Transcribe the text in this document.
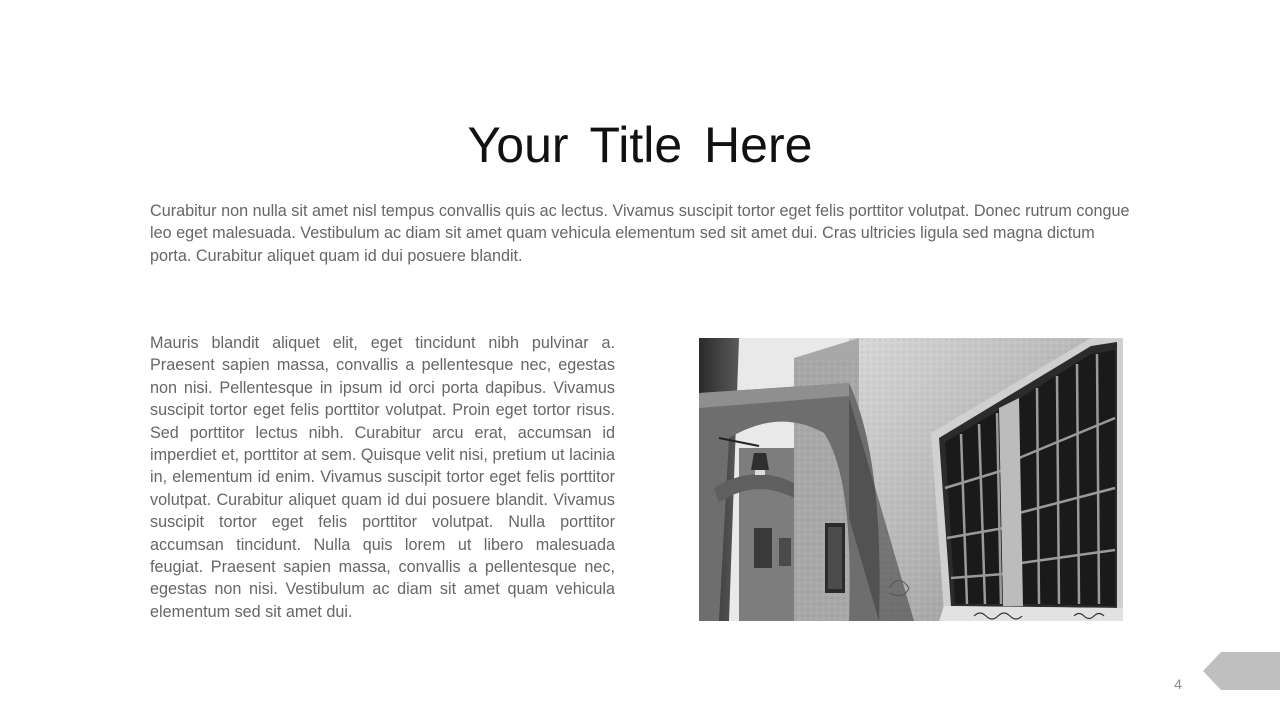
Your Title Here

Curabitur non nulla sit amet nisl tempus convallis quis ac lectus. Vivamus suscipit tortor eget felis porttitor volutpat. Donec rutrum congue leo eget malesuada. Vestibulum ac diam sit amet quam vehicula elementum sed sit amet dui. Cras ultricies ligula sed magna dictum porta. Curabitur aliquet quam id dui posuere blandit.

Mauris blandit aliquet elit, eget tincidunt nibh pulvinar a. Praesent sapien massa, convallis a pellentesque nec, egestas non nisi. Pellentesque in ipsum id orci porta dapibus. Vivamus suscipit tortor eget felis porttitor volutpat. Proin eget tortor risus. Sed porttitor lectus nibh. Curabitur arcu erat, accumsan id imperdiet et, porttitor at sem. Quisque velit nisi, pretium ut lacinia in, elementum id enim. Vivamus suscipit tortor eget felis porttitor volutpat. Curabitur aliquet quam id dui posuere blandit. Vivamus suscipit tortor eget felis porttitor volutpat. Nulla porttitor accumsan tincidunt. Nulla quis lorem ut libero malesuada feugiat. Praesent sapien massa, convallis a pellentesque nec, egestas non nisi. Vestibulum ac diam sit amet quam vehicula elementum sed sit amet dui.

4
